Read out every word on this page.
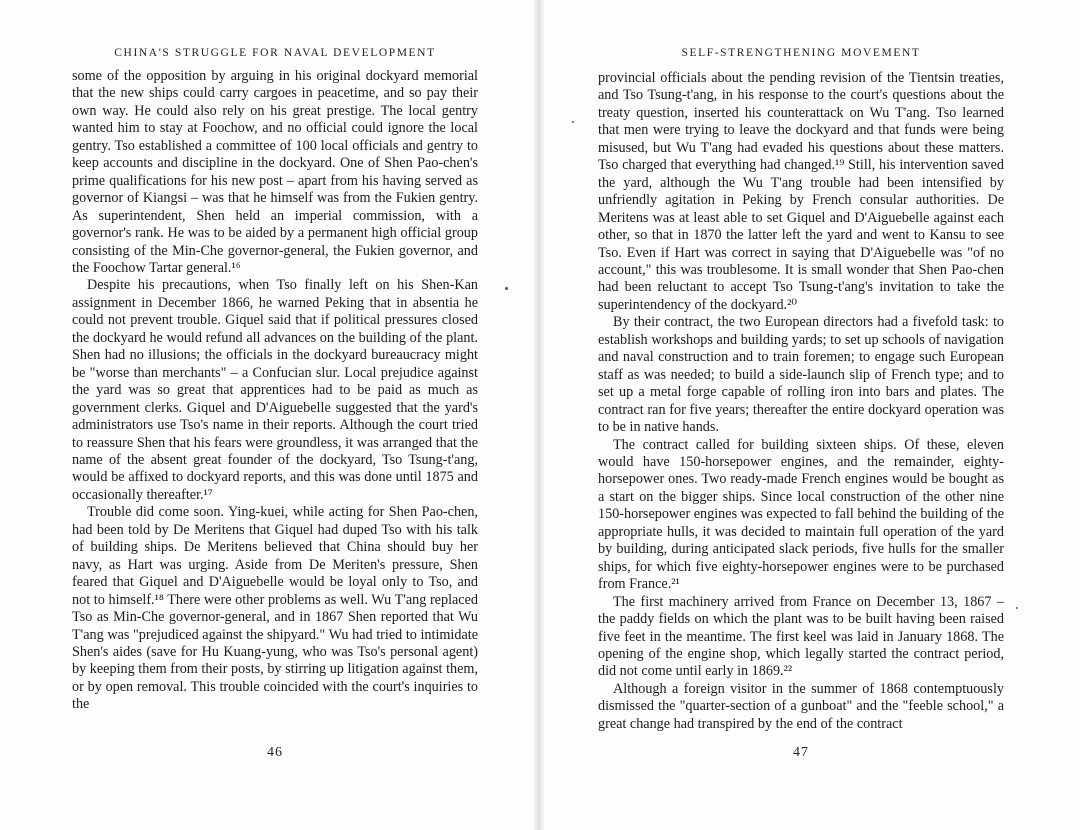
CHINA'S STRUGGLE FOR NAVAL DEVELOPMENT

some of the opposition by arguing in his original dockyard memorial that the new ships could carry cargoes in peacetime, and so pay their own way. He could also rely on his great prestige. The local gentry wanted him to stay at Foochow, and no official could ignore the local gentry. Tso established a committee of 100 local officials and gentry to keep accounts and discipline in the dockyard. One of Shen Pao-chen's prime qualifications for his new post – apart from his having served as governor of Kiangsi – was that he himself was from the Fukien gentry. As superintendent, Shen held an imperial commission, with a governor's rank. He was to be aided by a permanent high official group consisting of the Min-Che governor-general, the Fukien governor, and the Foochow Tartar general.¹⁶

Despite his precautions, when Tso finally left on his Shen-Kan assignment in December 1866, he warned Peking that in absentia he could not prevent trouble. Giquel said that if political pressures closed the dockyard he would refund all advances on the building of the plant. Shen had no illusions; the officials in the dockyard bureaucracy might be "worse than merchants" – a Confucian slur. Local prejudice against the yard was so great that apprentices had to be paid as much as government clerks. Giquel and D'Aiguebelle suggested that the yard's administrators use Tso's name in their reports. Although the court tried to reassure Shen that his fears were groundless, it was arranged that the name of the absent great founder of the dockyard, Tso Tsung-t'ang, would be affixed to dockyard reports, and this was done until 1875 and occasionally thereafter.¹⁷

Trouble did come soon. Ying-kuei, while acting for Shen Pao-chen, had been told by De Meritens that Giquel had duped Tso with his talk of building ships. De Meritens believed that China should buy her navy, as Hart was urging. Aside from De Meriten's pressure, Shen feared that Giquel and D'Aiguebelle would be loyal only to Tso, and not to himself.¹⁸ There were other problems as well. Wu T'ang replaced Tso as Min-Che governor-general, and in 1867 Shen reported that Wu T'ang was "prejudiced against the shipyard." Wu had tried to intimidate Shen's aides (save for Hu Kuang-yung, who was Tso's personal agent) by keeping them from their posts, by stirring up litigation against them, or by open removal. This trouble coincided with the court's inquiries to the

46
SELF-STRENGTHENING MOVEMENT

provincial officials about the pending revision of the Tientsin treaties, and Tso Tsung-t'ang, in his response to the court's questions about the treaty question, inserted his counterattack on Wu T'ang. Tso learned that men were trying to leave the dockyard and that funds were being misused, but Wu T'ang had evaded his questions about these matters. Tso charged that everything had changed.¹⁹ Still, his intervention saved the yard, although the Wu T'ang trouble had been intensified by unfriendly agitation in Peking by French consular authorities. De Meritens was at least able to set Giquel and D'Aiguebelle against each other, so that in 1870 the latter left the yard and went to Kansu to see Tso. Even if Hart was correct in saying that D'Aiguebelle was "of no account," this was troublesome. It is small wonder that Shen Pao-chen had been reluctant to accept Tso Tsung-t'ang's invitation to take the superintendency of the dockyard.²⁰

By their contract, the two European directors had a fivefold task: to establish workshops and building yards; to set up schools of navigation and naval construction and to train foremen; to engage such European staff as was needed; to build a side-launch slip of French type; and to set up a metal forge capable of rolling iron into bars and plates. The contract ran for five years; thereafter the entire dockyard operation was to be in native hands.

The contract called for building sixteen ships. Of these, eleven would have 150-horsepower engines, and the remainder, eighty-horsepower ones. Two ready-made French engines would be bought as a start on the bigger ships. Since local construction of the other nine 150-horsepower engines was expected to fall behind the building of the appropriate hulls, it was decided to maintain full operation of the yard by building, during anticipated slack periods, five hulls for the smaller ships, for which five eighty-horsepower engines were to be purchased from France.²¹

The first machinery arrived from France on December 13, 1867 – the paddy fields on which the plant was to be built having been raised five feet in the meantime. The first keel was laid in January 1868. The opening of the engine shop, which legally started the contract period, did not come until early in 1869.²²

Although a foreign visitor in the summer of 1868 contemptuously dismissed the "quarter-section of a gunboat" and the "feeble school," a great change had transpired by the end of the contract

47
